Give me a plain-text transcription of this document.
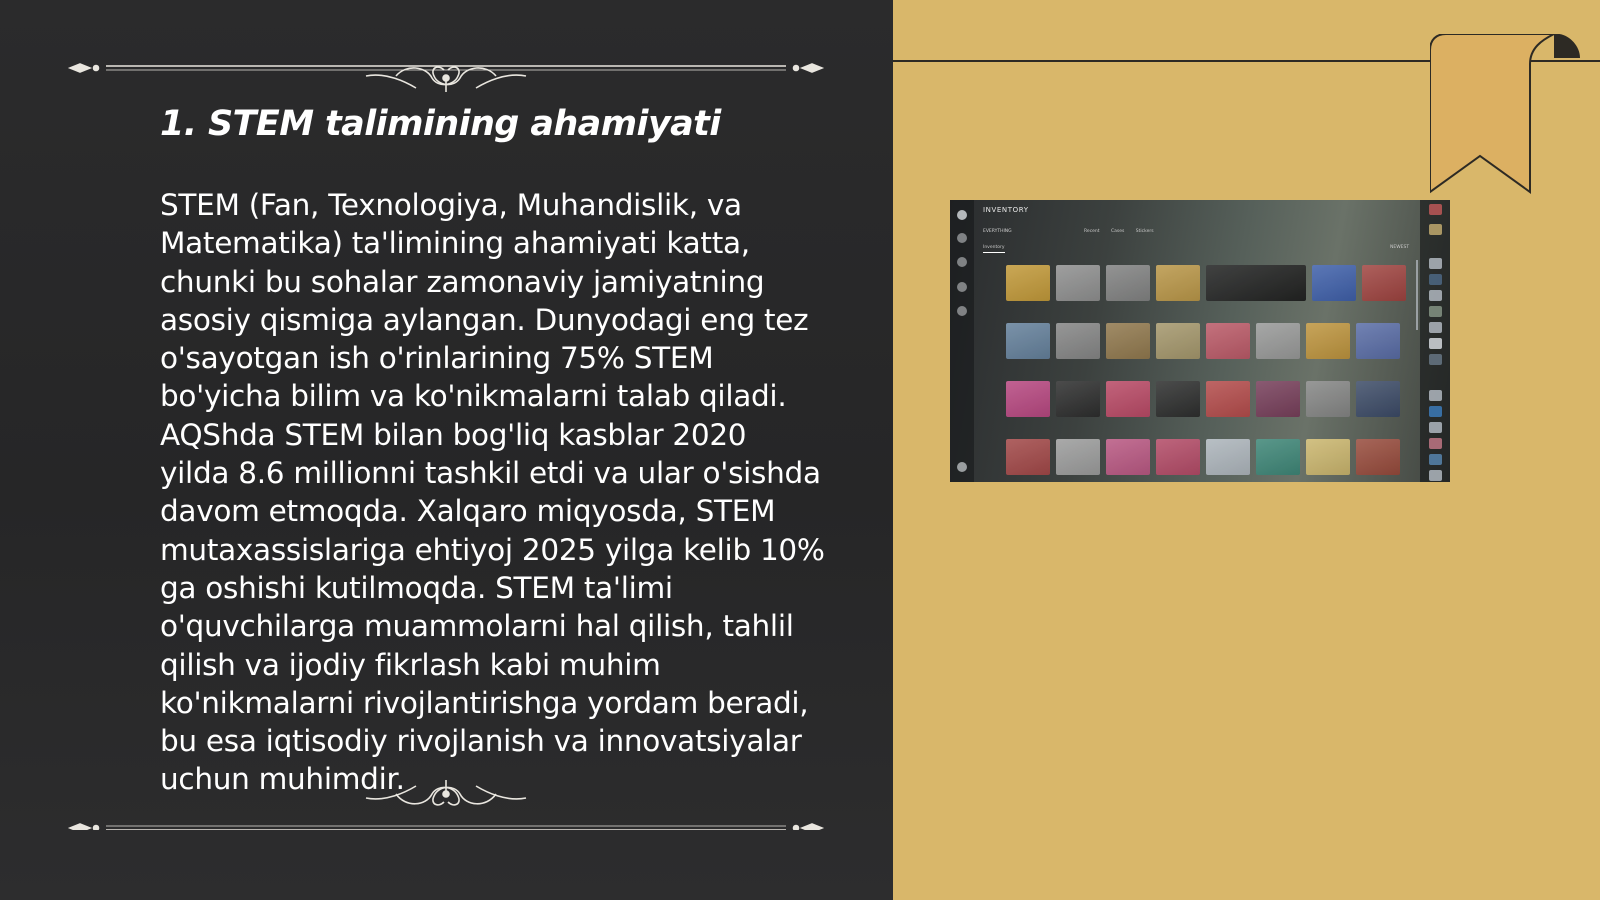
1. STEM talimining ahamiyati
STEM (Fan, Texnologiya, Muhandislik, va
Matematika) ta'limining ahamiyati katta,
chunki bu sohalar zamonaviy jamiyatning
asosiy qismiga aylangan. Dunyodagi eng tez
o'sayotgan ish o'rinlarining 75% STEM
bo'yicha bilim va ko'nikmalarni talab qiladi.
AQShda STEM bilan bog'liq kasblar 2020
yilda 8.6 millionni tashkil etdi va ular o'sishda
davom etmoqda. Xalqaro miqyosda, STEM
mutaxassislariga ehtiyoj 2025 yilga kelib 10%
ga oshishi kutilmoqda. STEM ta'limi
o'quvchilarga muammolarni hal qilish, tahlil
qilish va ijodiy fikrlash kabi muhim
ko'nikmalarni rivojlantirishga yordam beradi,
bu esa iqtisodiy rivojlanish va innovatsiyalar
uchun muhimdir.
INVENTORY
EVERYTHING	Recent	Cases	Stickers
Inventory	NEWEST
